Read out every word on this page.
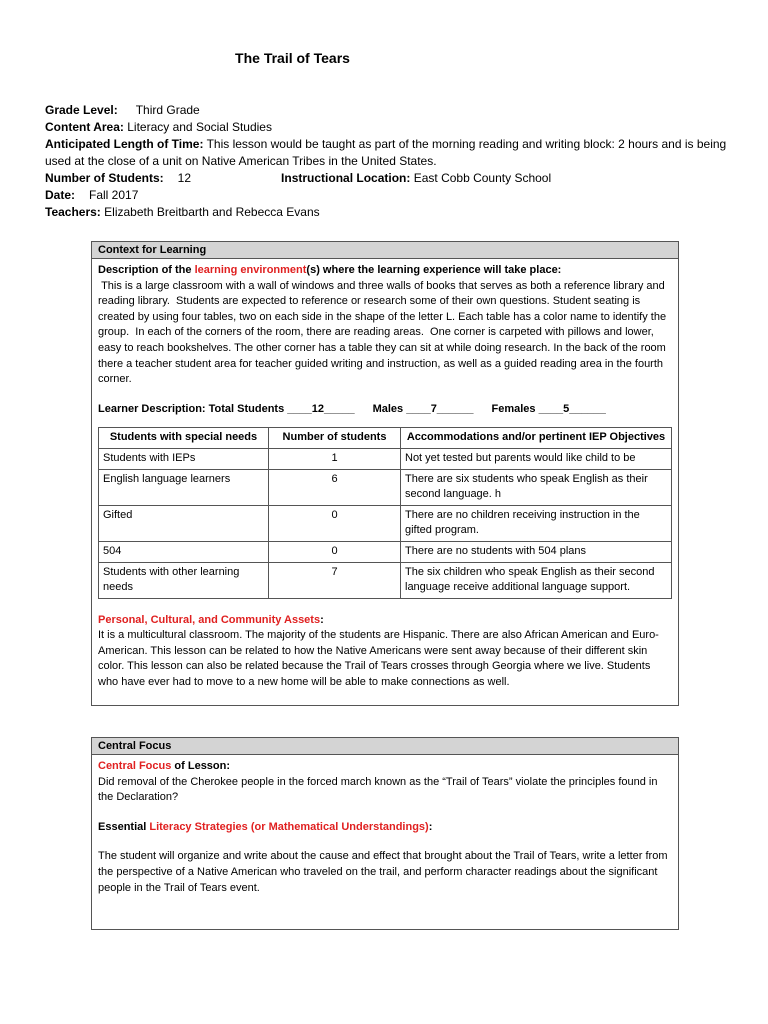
The Trail of Tears
Grade Level: Third Grade
Content Area: Literacy and Social Studies
Anticipated Length of Time: This lesson would be taught as part of the morning reading and writing block: 2 hours and is being used at the close of a unit on Native American Tribes in the United States.
Number of Students: 12	Instructional Location: East Cobb County School
Date: Fall 2017
Teachers: Elizabeth Breitbarth and Rebecca Evans
Context for Learning

Description of the learning environment(s) where the learning experience will take place:

This is a large classroom with a wall of windows and three walls of books that serves as both a reference library and reading library.  Students are expected to reference or research some of their own questions. Student seating is created by using four tables, two on each side in the shape of the letter L. Each table has a color name to identify the group.  In each of the corners of the room, there are reading areas.  One corner is carpeted with pillows and lower, easy to reach bookshelves. The other corner has a table they can sit at while doing research. In the back of the room there a teacher student area for teacher guided writing and instruction, as well as a guided reading area in the fourth corner.

Learner Description: Total Students ____12_____ Males ____7______ Females ____5______
Students with special needs	Number of students	Accommodations and/or pertinent IEP Objectives
Students with IEPs	1	Not yet tested but parents would like child to be
English language learners	6	There are six students who speak English as their second language. h
Gifted	0	There are no children receiving instruction in the gifted program.
504	0	There are no students with 504 plans
Students with other learning needs	7	The six children who speak English as their second language receive additional language support.

Personal, Cultural, and Community Assets:

It is a multicultural classroom. The majority of the students are Hispanic. There are also African American and Euro-American. This lesson can be related to how the Native Americans were sent away because of their different skin color. This lesson can also be related because the Trail of Tears crosses through Georgia where we live. Students who have ever had to move to a new home will be able to make connections as well.

Central Focus

Central Focus of Lesson:

Did removal of the Cherokee people in the forced march known as the “Trail of Tears” violate the principles found in the Declaration?

Essential Literacy Strategies (or Mathematical Understandings):

The student will organize and write about the cause and effect that brought about the Trail of Tears, write a letter from the perspective of a Native American who traveled on the trail, and perform character readings about the significant people in the Trail of Tears event.
